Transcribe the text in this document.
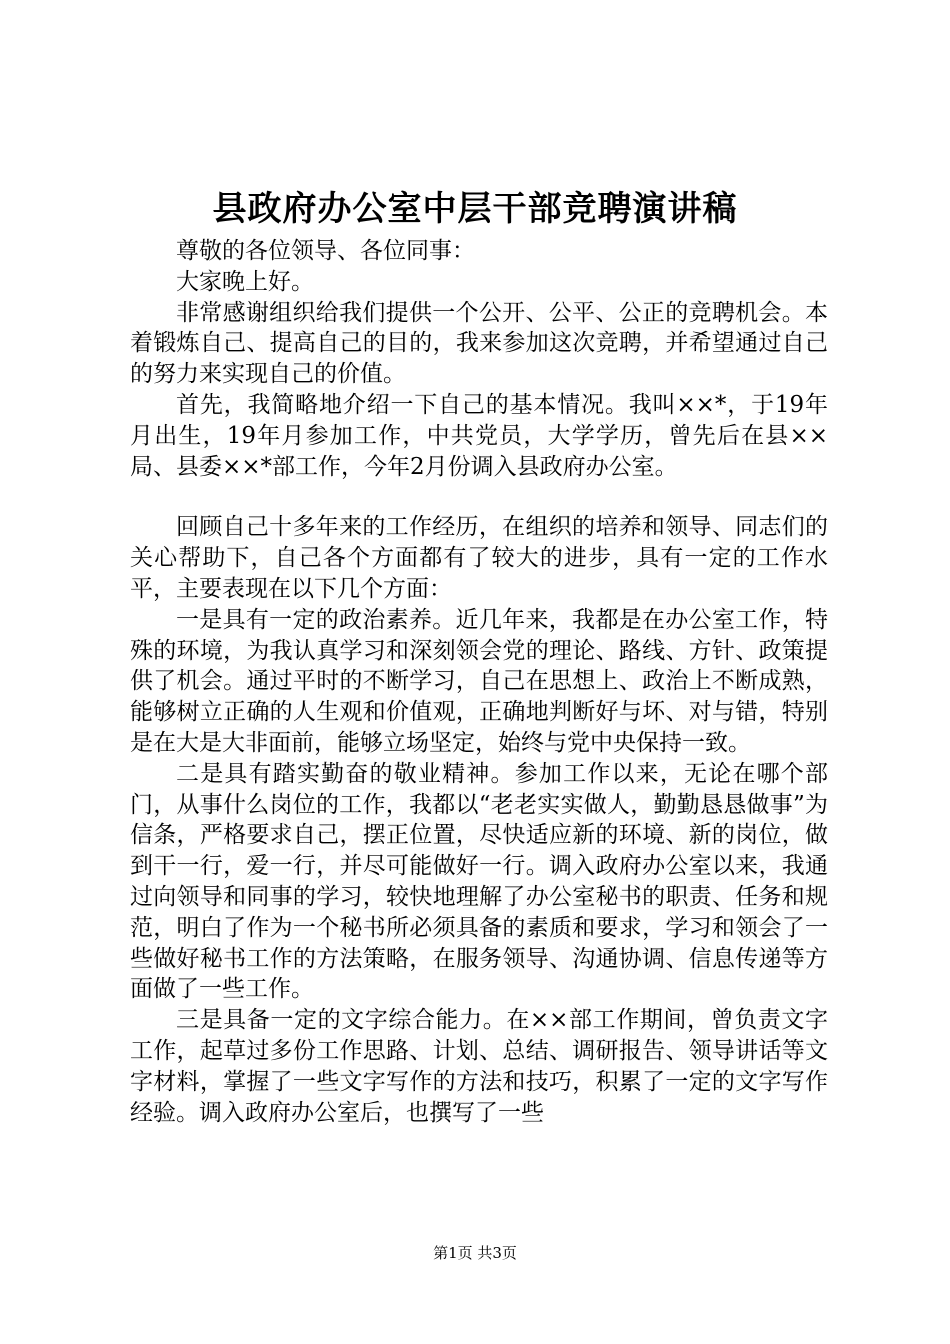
县政府办公室中层干部竞聘演讲稿

尊敬的各位领导、各位同事：

大家晚上好。

非常感谢组织给我们提供一个公开、公平、公正的竞聘机会。本着锻炼自己、提高自己的目的，我来参加这次竞聘，并希望通过自己的努力来实现自己的价值。

首先，我简略地介绍一下自己的基本情况。我叫××*，于19年月出生，19年月参加工作，中共党员，大学学历，曾先后在县××局、县委××*部工作，今年2月份调入县政府办公室。

回顾自己十多年来的工作经历，在组织的培养和领导、同志们的关心帮助下，自己各个方面都有了较大的进步，具有一定的工作水平，主要表现在以下几个方面：

一是具有一定的政治素养。近几年来，我都是在办公室工作，特殊的环境，为我认真学习和深刻领会党的理论、路线、方针、政策提供了机会。通过平时的不断学习，自己在思想上、政治上不断成熟，能够树立正确的人生观和价值观，正确地判断好与坏、对与错，特别是在大是大非面前，能够立场坚定，始终与党中央保持一致。

二是具有踏实勤奋的敬业精神。参加工作以来，无论在哪个部门，从事什么岗位的工作，我都以“老老实实做人，勤勤恳恳做事”为信条，严格要求自己，摆正位置，尽快适应新的环境、新的岗位，做到干一行，爱一行，并尽可能做好一行。调入政府办公室以来，我通过向领导和同事的学习，较快地理解了办公室秘书的职责、任务和规范，明白了作为一个秘书所必须具备的素质和要求，学习和领会了一些做好秘书工作的方法策略，在服务领导、沟通协调、信息传递等方面做了一些工作。

三是具备一定的文字综合能力。在××部工作期间，曾负责文字工作，起草过多份工作思路、计划、总结、调研报告、领导讲话等文字材料，掌握了一些文字写作的方法和技巧，积累了一定的文字写作经验。调入政府办公室后，也撰写了一些

第1页 共3页
